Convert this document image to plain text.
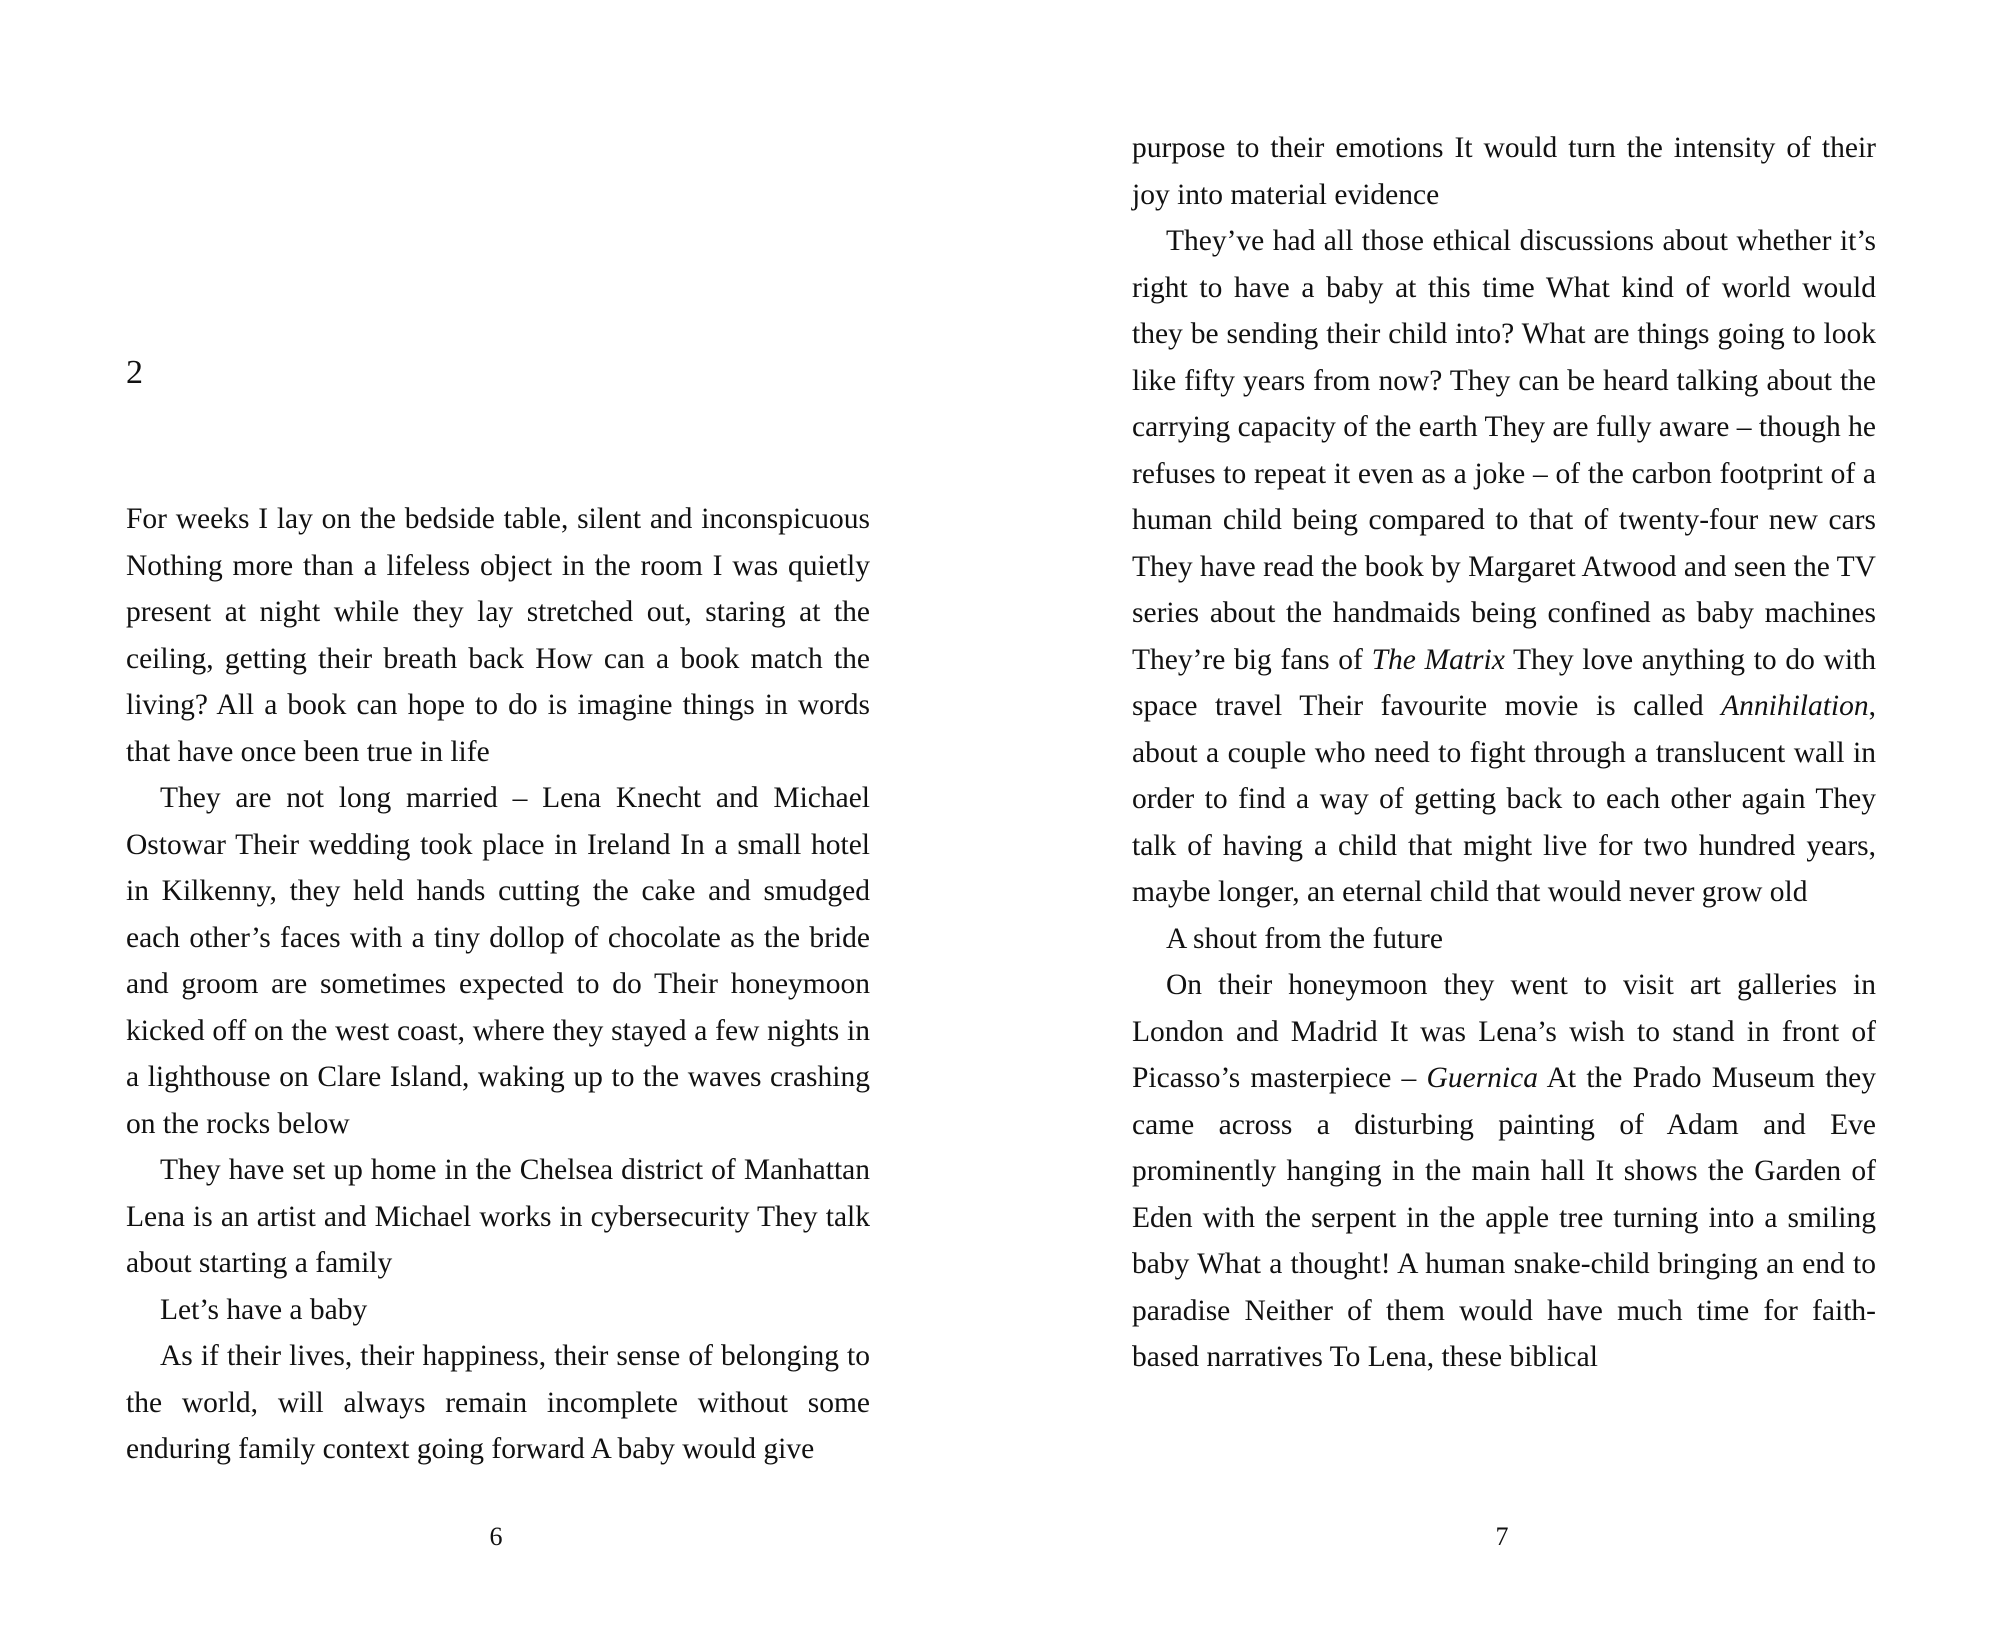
2

For weeks I lay on the bedside table, silent and inconspicuous Nothing more than a lifeless object in the room I was quietly present at night while they lay stretched out, staring at the ceiling, getting their breath back How can a book match the living? All a book can hope to do is imagine things in words that have once been true in life

They are not long married – Lena Knecht and Michael Ostowar Their wedding took place in Ireland In a small hotel in Kilkenny, they held hands cutting the cake and smudged each other’s faces with a tiny dollop of chocolate as the bride and groom are sometimes expected to do Their honeymoon kicked off on the west coast, where they stayed a few nights in a lighthouse on Clare Island, waking up to the waves crashing on the rocks below

They have set up home in the Chelsea district of Manhattan Lena is an artist and Michael works in cybersecurity They talk about starting a family

Let’s have a baby

As if their lives, their happiness, their sense of belonging to the world, will always remain incomplete without some enduring family context going forward A baby would give

6

purpose to their emotions It would turn the intensity of their joy into material evidence

They’ve had all those ethical discussions about whether it’s right to have a baby at this time What kind of world would they be sending their child into? What are things going to look like fifty years from now? They can be heard talking about the carrying capacity of the earth They are fully aware – though he refuses to repeat it even as a joke – of the carbon footprint of a human child being compared to that of twenty-four new cars They have read the book by Margaret Atwood and seen the TV series about the handmaids being confined as baby machines They’re big fans of The Matrix They love anything to do with space travel Their favourite movie is called Annihilation, about a couple who need to fight through a translucent wall in order to find a way of getting back to each other again They talk of having a child that might live for two hundred years, maybe longer, an eternal child that would never grow old

A shout from the future

On their honeymoon they went to visit art galleries in London and Madrid It was Lena’s wish to stand in front of Picasso’s masterpiece – Guernica At the Prado Museum they came across a disturbing painting of Adam and Eve prominently hanging in the main hall It shows the Garden of Eden with the serpent in the apple tree turning into a smiling baby What a thought! A human snake-child bringing an end to paradise Neither of them would have much time for faith-based narratives To Lena, these biblical

7
